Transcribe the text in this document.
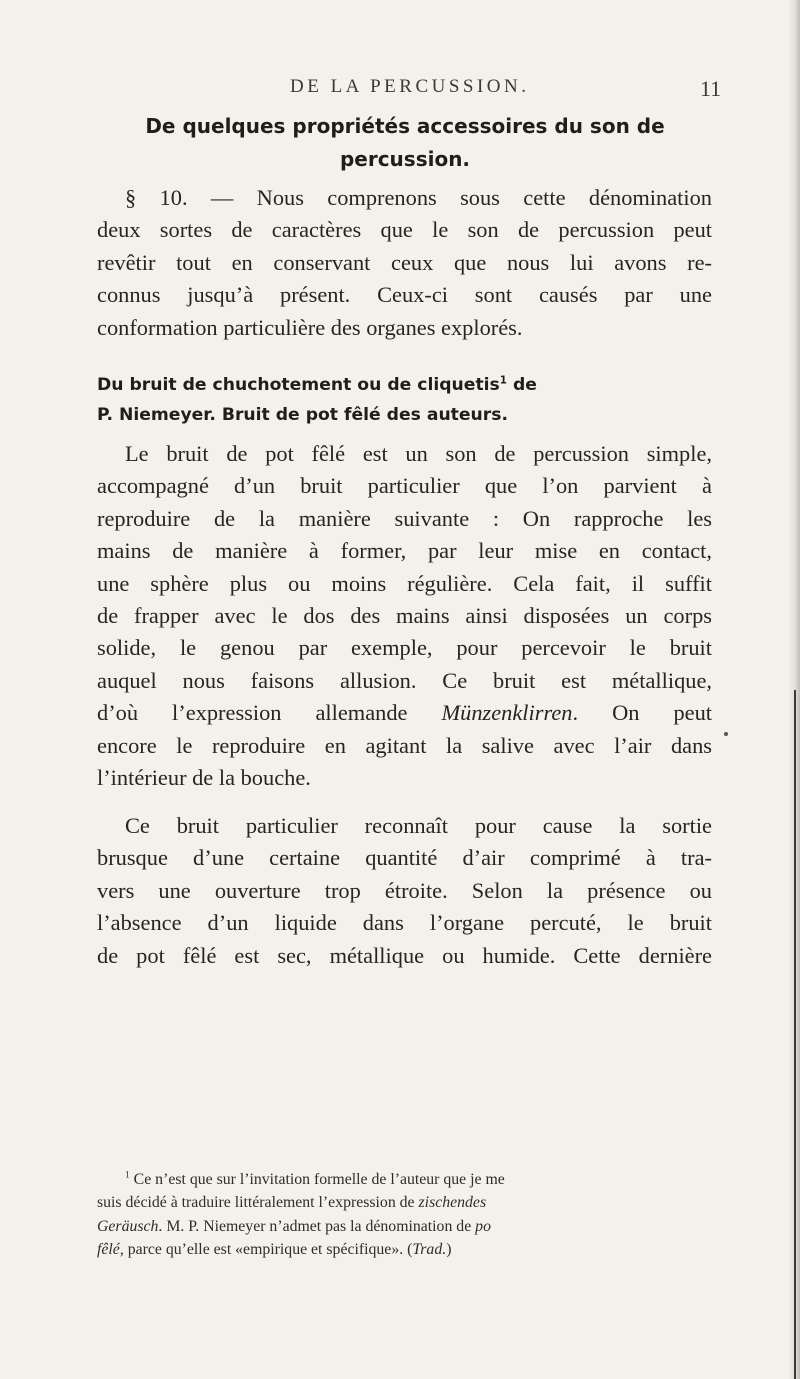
DE LA PERCUSSION.	11
De quelques propriétés accessoires du son de
percussion.
§ 10. — Nous comprenons sous cette dénomination
deux sortes de caractères que le son de percussion peut
revêtir tout en conservant ceux que nous lui avons re-
connus jusqu’à présent. Ceux-ci sont causés par une
conformation particulière des organes explorés.
Du bruit de chuchotement ou de cliquetis$^1$ de
P. Niemeyer. Bruit de pot fêlé des auteurs.
Le bruit de pot fêlé est un son de percussion simple,
accompagné d’un bruit particulier que l’on parvient à
reproduire de la manière suivante : On rapproche les
mains de manière à former, par leur mise en contact,
une sphère plus ou moins régulière. Cela fait, il suffit
de frapper avec le dos des mains ainsi disposées un corps
solide, le genou par exemple, pour percevoir le bruit
auquel nous faisons allusion. Ce bruit est métallique,
d’où l’expression allemande Münzenklirren. On peut
encore le reproduire en agitant la salive avec l’air dans
l’intérieur de la bouche.
Ce bruit particulier reconnaît pour cause la sortie
brusque d’une certaine quantité d’air comprimé à tra-
vers une ouverture trop étroite. Selon la présence ou
l’absence d’un liquide dans l’organe percuté, le bruit
de pot fêlé est sec, métallique ou humide. Cette dernière
$^1$ Ce n’est que sur l’invitation formelle de l’auteur que je me
suis décidé à traduire littéralement l’expression de zischendes
Geräusch. M. P. Niemeyer n’admet pas la dénomination de po
fêlé, parce qu’elle est «empirique et spécifique». (Trad.)
